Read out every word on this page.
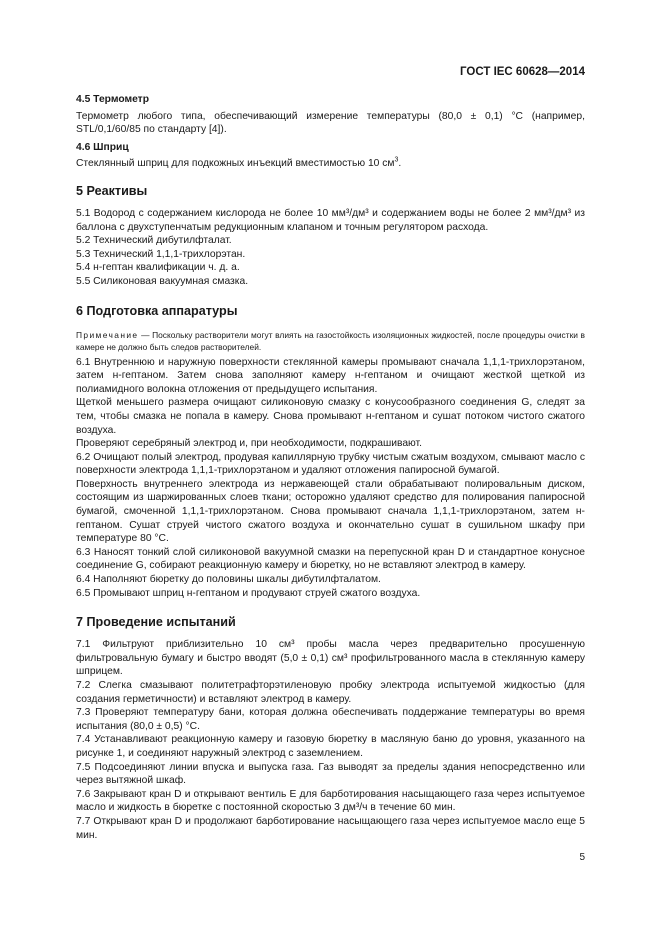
ГОСТ IEC 60628—2014

4.5 Термометр

Термометр любого типа, обеспечивающий измерение температуры (80,0 ± 0,1) °С (например, STL/0,1/60/85 по стандарту [4]).

4.6 Шприц

Стеклянный шприц для подкожных инъекций вместимостью 10 $см^3$.

5 Реактивы

5.1 Водород с содержанием кислорода не более 10 мм³/дм³ и содержанием воды не более 2 мм³/дм³ из баллона с двухступенчатым редукционным клапаном и точным регулятором расхода.

5.2 Технический дибутилфталат.

5.3 Технический 1,1,1-трихлорэтан.

5.4 н-гептан квалификации ч. д. а.

5.5 Силиконовая вакуумная смазка.

6 Подготовка аппаратуры

Примечание — Поскольку растворители могут влиять на газостойкость изоляционных жидкостей, после процедуры очистки в камере не должно быть следов растворителей.

6.1 Внутреннюю и наружную поверхности стеклянной камеры промывают сначала 1,1,1-трихлорэтаном, затем н-гептаном. Затем снова заполняют камеру н-гептаном и очищают жесткой щеткой из полиамидного волокна отложения от предыдущего испытания.

Щеткой меньшего размера очищают силиконовую смазку с конусообразного соединения G, следят за тем, чтобы смазка не попала в камеру. Снова промывают н-гептаном и сушат потоком чистого сжатого воздуха.

Проверяют серебряный электрод и, при необходимости, подкрашивают.

6.2 Очищают полый электрод, продувая капиллярную трубку чистым сжатым воздухом, смывают масло с поверхности электрода 1,1,1-трихлорэтаном и удаляют отложения папиросной бумагой.

Поверхность внутреннего электрода из нержавеющей стали обрабатывают полировальным диском, состоящим из шаржированных слоев ткани; осторожно удаляют средство для полирования папиросной бумагой, смоченной 1,1,1-трихлорэтаном. Снова промывают сначала 1,1,1-трихлорэтаном, затем н-гептаном. Сушат струей чистого сжатого воздуха и окончательно сушат в сушильном шкафу при температуре 80 °С.

6.3 Наносят тонкий слой силиконовой вакуумной смазки на перепускной кран D и стандартное конусное соединение G, собирают реакционную камеру и бюретку, но не вставляют электрод в камеру.

6.4 Наполняют бюретку до половины шкалы дибутилфталатом.

6.5 Промывают шприц н-гептаном и продувают струей сжатого воздуха.

7 Проведение испытаний

7.1 Фильтруют приблизительно 10 см³ пробы масла через предварительно просушенную фильтровальную бумагу и быстро вводят (5,0 ± 0,1) см³ профильтрованного масла в стеклянную камеру шприцем.

7.2 Слегка смазывают политетрафторэтиленовую пробку электрода испытуемой жидкостью (для создания герметичности) и вставляют электрод в камеру.

7.3 Проверяют температуру бани, которая должна обеспечивать поддержание температуры во время испытания (80,0 ± 0,5) °С.

7.4 Устанавливают реакционную камеру и газовую бюретку в масляную баню до уровня, указанного на рисунке 1, и соединяют наружный электрод с заземлением.

7.5 Подсоединяют линии впуска и выпуска газа. Газ выводят за пределы здания непосредственно или через вытяжной шкаф.

7.6 Закрывают кран D и открывают вентиль E для барботирования насыщающего газа через испытуемое масло и жидкость в бюретке с постоянной скоростью 3 дм³/ч в течение 60 мин.

7.7 Открывают кран D и продолжают барботирование насыщающего газа через испытуемое масло еще 5 мин.

5
